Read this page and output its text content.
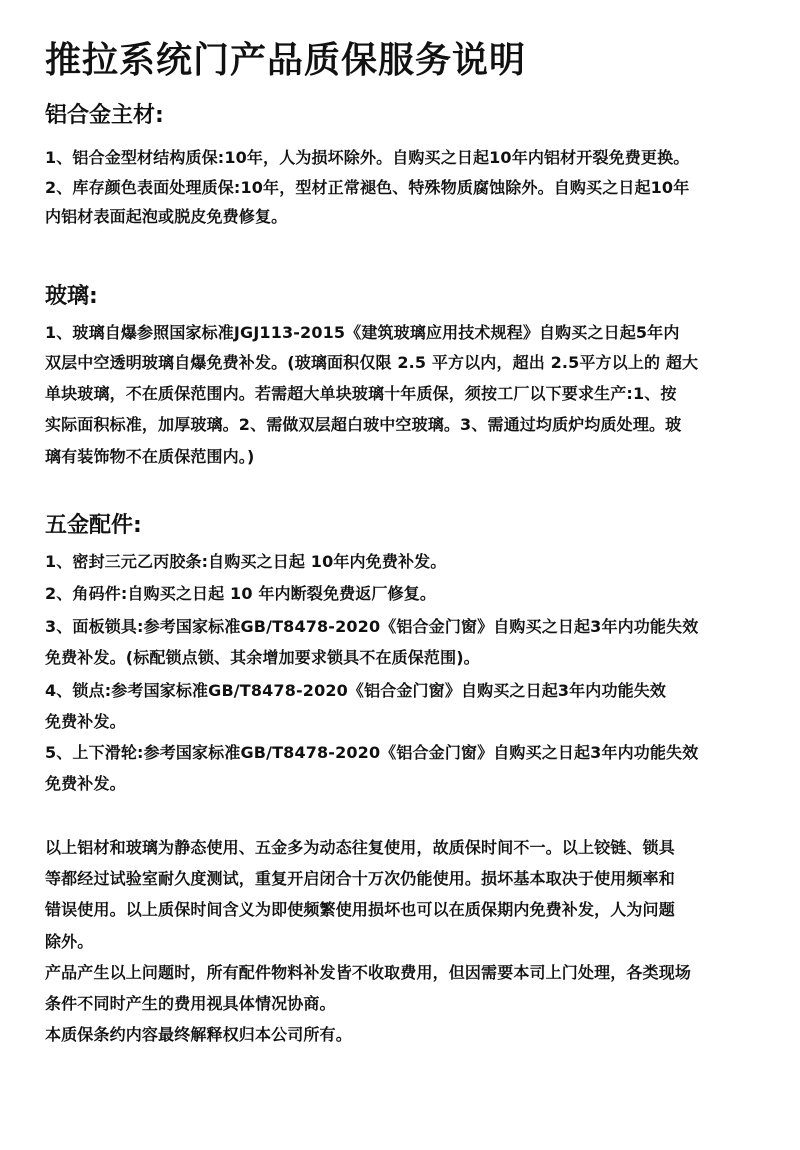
推拉系统门产品质保服务说明
铝合金主材:
1、铝合金型材结构质保:10年，人为损坏除外。自购买之日起10年内铝材开裂免费更换。
2、库存颜色表面处理质保:10年，型材正常褪色、特殊物质腐蚀除外。自购买之日起10年
内铝材表面起泡或脱皮免费修复。
玻璃:
1、玻璃自爆参照国家标准JGJ113-2015《建筑玻璃应用技术规程》自购买之日起5年内
双层中空透明玻璃自爆免费补发。(玻璃面积仅限 2.5 平方以内，超出 2.5平方以上的 超大
单块玻璃，不在质保范围内。若需超大单块玻璃十年质保，须按工厂以下要求生产:1、按
实际面积标准，加厚玻璃。2、需做双层超白玻中空玻璃。3、需通过均质炉均质处理。玻
璃有装饰物不在质保范围内。)
五金配件:
1、密封三元乙丙胶条:自购买之日起 10年内免费补发。
2、角码件:自购买之日起 10 年内断裂免费返厂修复。
3、面板锁具:参考国家标准GB/T8478-2020《铝合金门窗》自购买之日起3年内功能失效
免费补发。(标配锁点锁、其余增加要求锁具不在质保范围)。
4、锁点:参考国家标准GB/T8478-2020《铝合金门窗》自购买之日起3年内功能失效
免费补发。
5、上下滑轮:参考国家标准GB/T8478-2020《铝合金门窗》自购买之日起3年内功能失效
免费补发。
以上铝材和玻璃为静态使用、五金多为动态往复使用，故质保时间不一。以上铰链、锁具
等都经过试验室耐久度测试，重复开启闭合十万次仍能使用。损坏基本取决于使用频率和
错误使用。以上质保时间含义为即使频繁使用损坏也可以在质保期内免费补发，人为问题
除外。
产品产生以上问题时，所有配件物料补发皆不收取费用，但因需要本司上门处理，各类现场
条件不同时产生的费用视具体情况协商。
本质保条约内容最终解释权归本公司所有。
